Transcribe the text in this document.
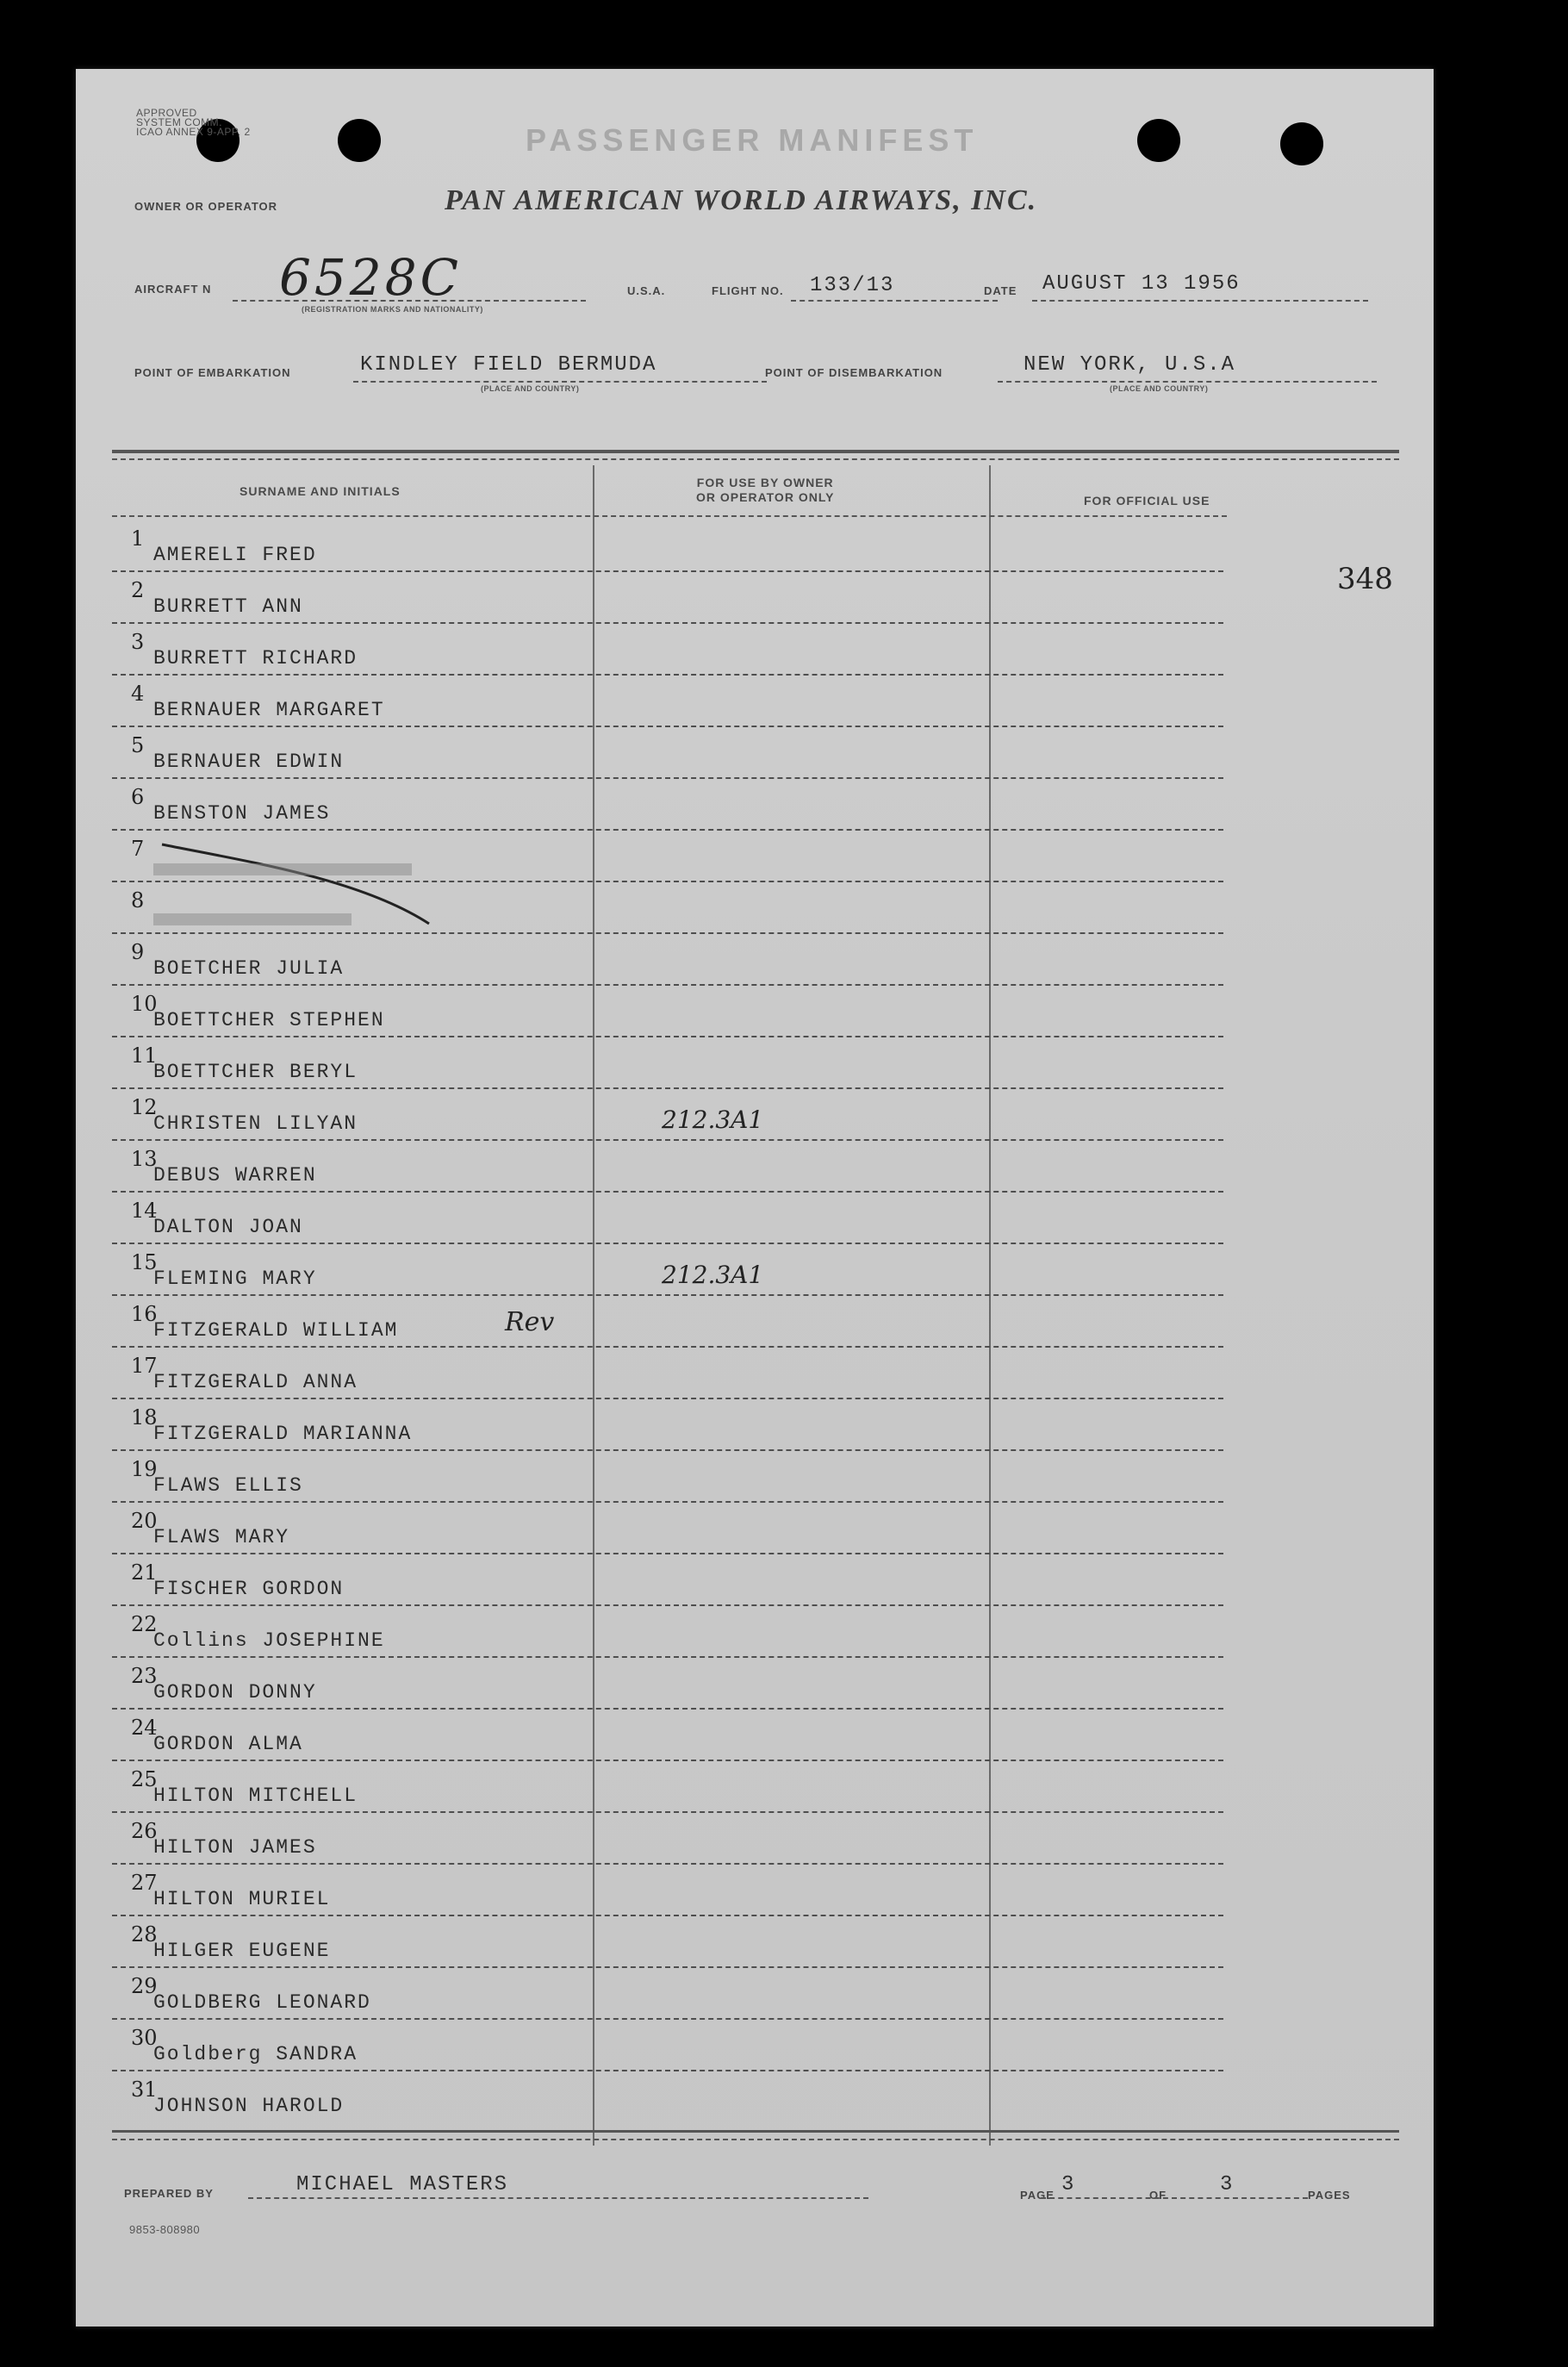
APPROVED
SYSTEM COMM.
ICAO ANNEX 9-APP. 2	PASSENGER MANIFEST
OWNER OR OPERATOR	PAN AMERICAN WORLD AIRWAYS, INC.
AIRCRAFT N 6528C
(REGISTRATION MARKS AND NATIONALITY)
U.S.A.	FLIGHT NO. 133/13	DATE AUGUST 13 1956
POINT OF EMBARKATION	KINDLEY FIELD BERMUDA
(PLACE AND COUNTRY)
POINT OF DISEMBARKATION	NEW YORK, U.S.A
(PLACE AND COUNTRY)
SURNAME AND INITIALS
FOR USE BY OWNER
OR OPERATOR ONLY	FOR OFFICIAL USE
348
1
AMERELI FRED
2
BURRETT ANN
3
BURRETT RICHARD
4
BERNAUER MARGARET
5
BERNAUER EDWIN
6
BENSTON JAMES
7
8
9
BOETCHER JULIA
10
BOETTCHER STEPHEN
11
BOETTCHER BERYL
12
CHRISTEN LILYAN	212.3A1
13
DEBUS WARREN
14
DALTON JOAN
15
FLEMING MARY	212.3A1
16
FITZGERALD WILLIAM	Rev
17
FITZGERALD ANNA
18
FITZGERALD MARIANNA
19
FLAWS ELLIS
20
FLAWS MARY
21
FISCHER GORDON
22
Collins JOSEPHINE
23
GORDON DONNY
24
GORDON ALMA
25
HILTON MITCHELL
26
HILTON JAMES
27
HILTON MURIEL
28
HILGER EUGENE
29
GOLDBERG LEONARD
30
Goldberg SANDRA
31
JOHNSON HAROLD
PREPARED BY	MICHAEL MASTERS	PAGE 3	OF	3	PAGES
9853-808980
